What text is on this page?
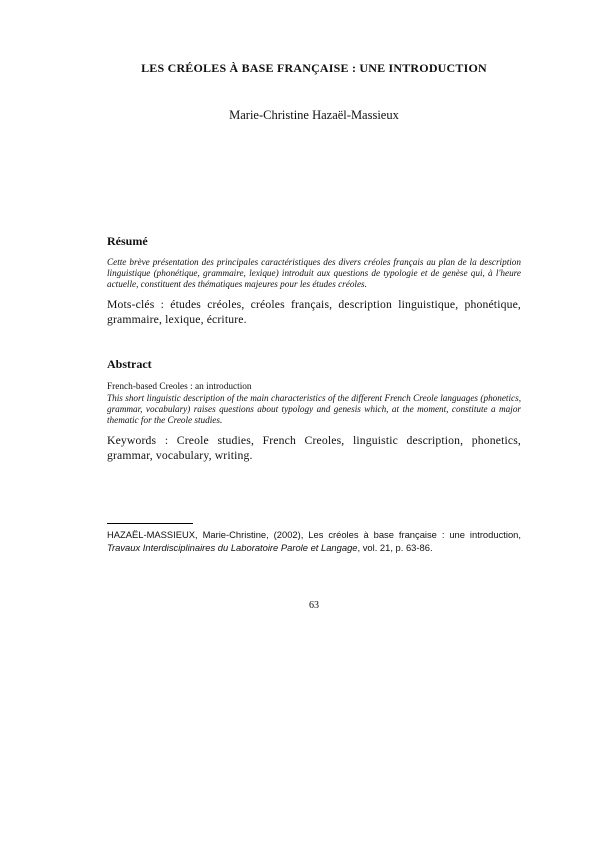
LES CRÉOLES À BASE FRANÇAISE : UNE INTRODUCTION
Marie-Christine Hazaël-Massieux
Résumé
Cette brève présentation des principales caractéristiques des divers créoles français au plan de la description linguistique (phonétique, grammaire, lexique) introduit aux questions de typologie et de genèse qui, à l'heure actuelle, constituent des thématiques majeures pour les études créoles.
Mots-clés : études créoles, créoles français, description linguistique, phonétique, grammaire, lexique, écriture.
Abstract
French-based Creoles : an introduction
This short linguistic description of the main characteristics of the different French Creole languages (phonetics, grammar, vocabulary) raises questions about typology and genesis which, at the moment, constitute a major thematic for the Creole studies.
Keywords : Creole studies, French Creoles, linguistic description, phonetics, grammar, vocabulary, writing.
HAZAËL-MASSIEUX, Marie-Christine, (2002), Les créoles à base française : une introduction, Travaux Interdisciplinaires du Laboratoire Parole et Langage, vol. 21, p. 63-86.
63
